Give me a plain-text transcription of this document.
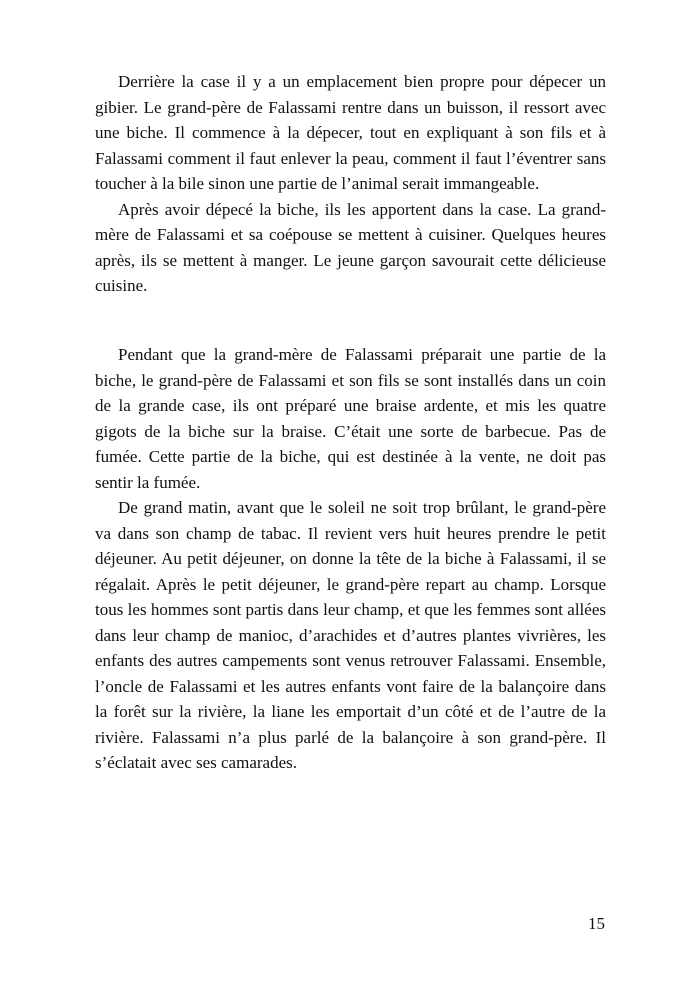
Derrière la case il y a un emplacement bien propre pour dépecer un gibier. Le grand-père de Falassami rentre dans un buisson, il ressort avec une biche. Il commence à la dépecer, tout en expliquant à son fils et à Falassami comment il faut enlever la peau, comment il faut l’éventrer sans toucher à la bile sinon une partie de l’animal serait immangeable.

Après avoir dépecé la biche, ils les apportent dans la case. La grand-mère de Falassami et sa coépouse se mettent à cuisiner. Quelques heures après, ils se mettent à manger. Le jeune garçon savourait cette délicieuse cuisine.

Pendant que la grand-mère de Falassami préparait une partie de la biche, le grand-père de Falassami et son fils se sont installés dans un coin de la grande case, ils ont préparé une braise ardente, et mis les quatre gigots de la biche sur la braise. C’était une sorte de barbecue. Pas de fumée. Cette partie de la biche, qui est destinée à la vente, ne doit pas sentir la fumée.

De grand matin, avant que le soleil ne soit trop brûlant, le grand-père va dans son champ de tabac. Il revient vers huit heures prendre le petit déjeuner. Au petit déjeuner, on donne la tête de la biche à Falassami, il se régalait. Après le petit déjeuner, le grand-père repart au champ. Lorsque tous les hommes sont partis dans leur champ, et que les femmes sont allées dans leur champ de manioc, d’arachides et d’autres plantes vivrières, les enfants des autres campements sont venus retrouver Falassami. Ensemble, l’oncle de Falassami et les autres enfants vont faire de la balançoire dans la forêt sur la rivière, la liane les emportait d’un côté et de l’autre de la rivière. Falassami n’a plus parlé de la balançoire à son grand-père. Il s’éclatait avec ses camarades.

15
